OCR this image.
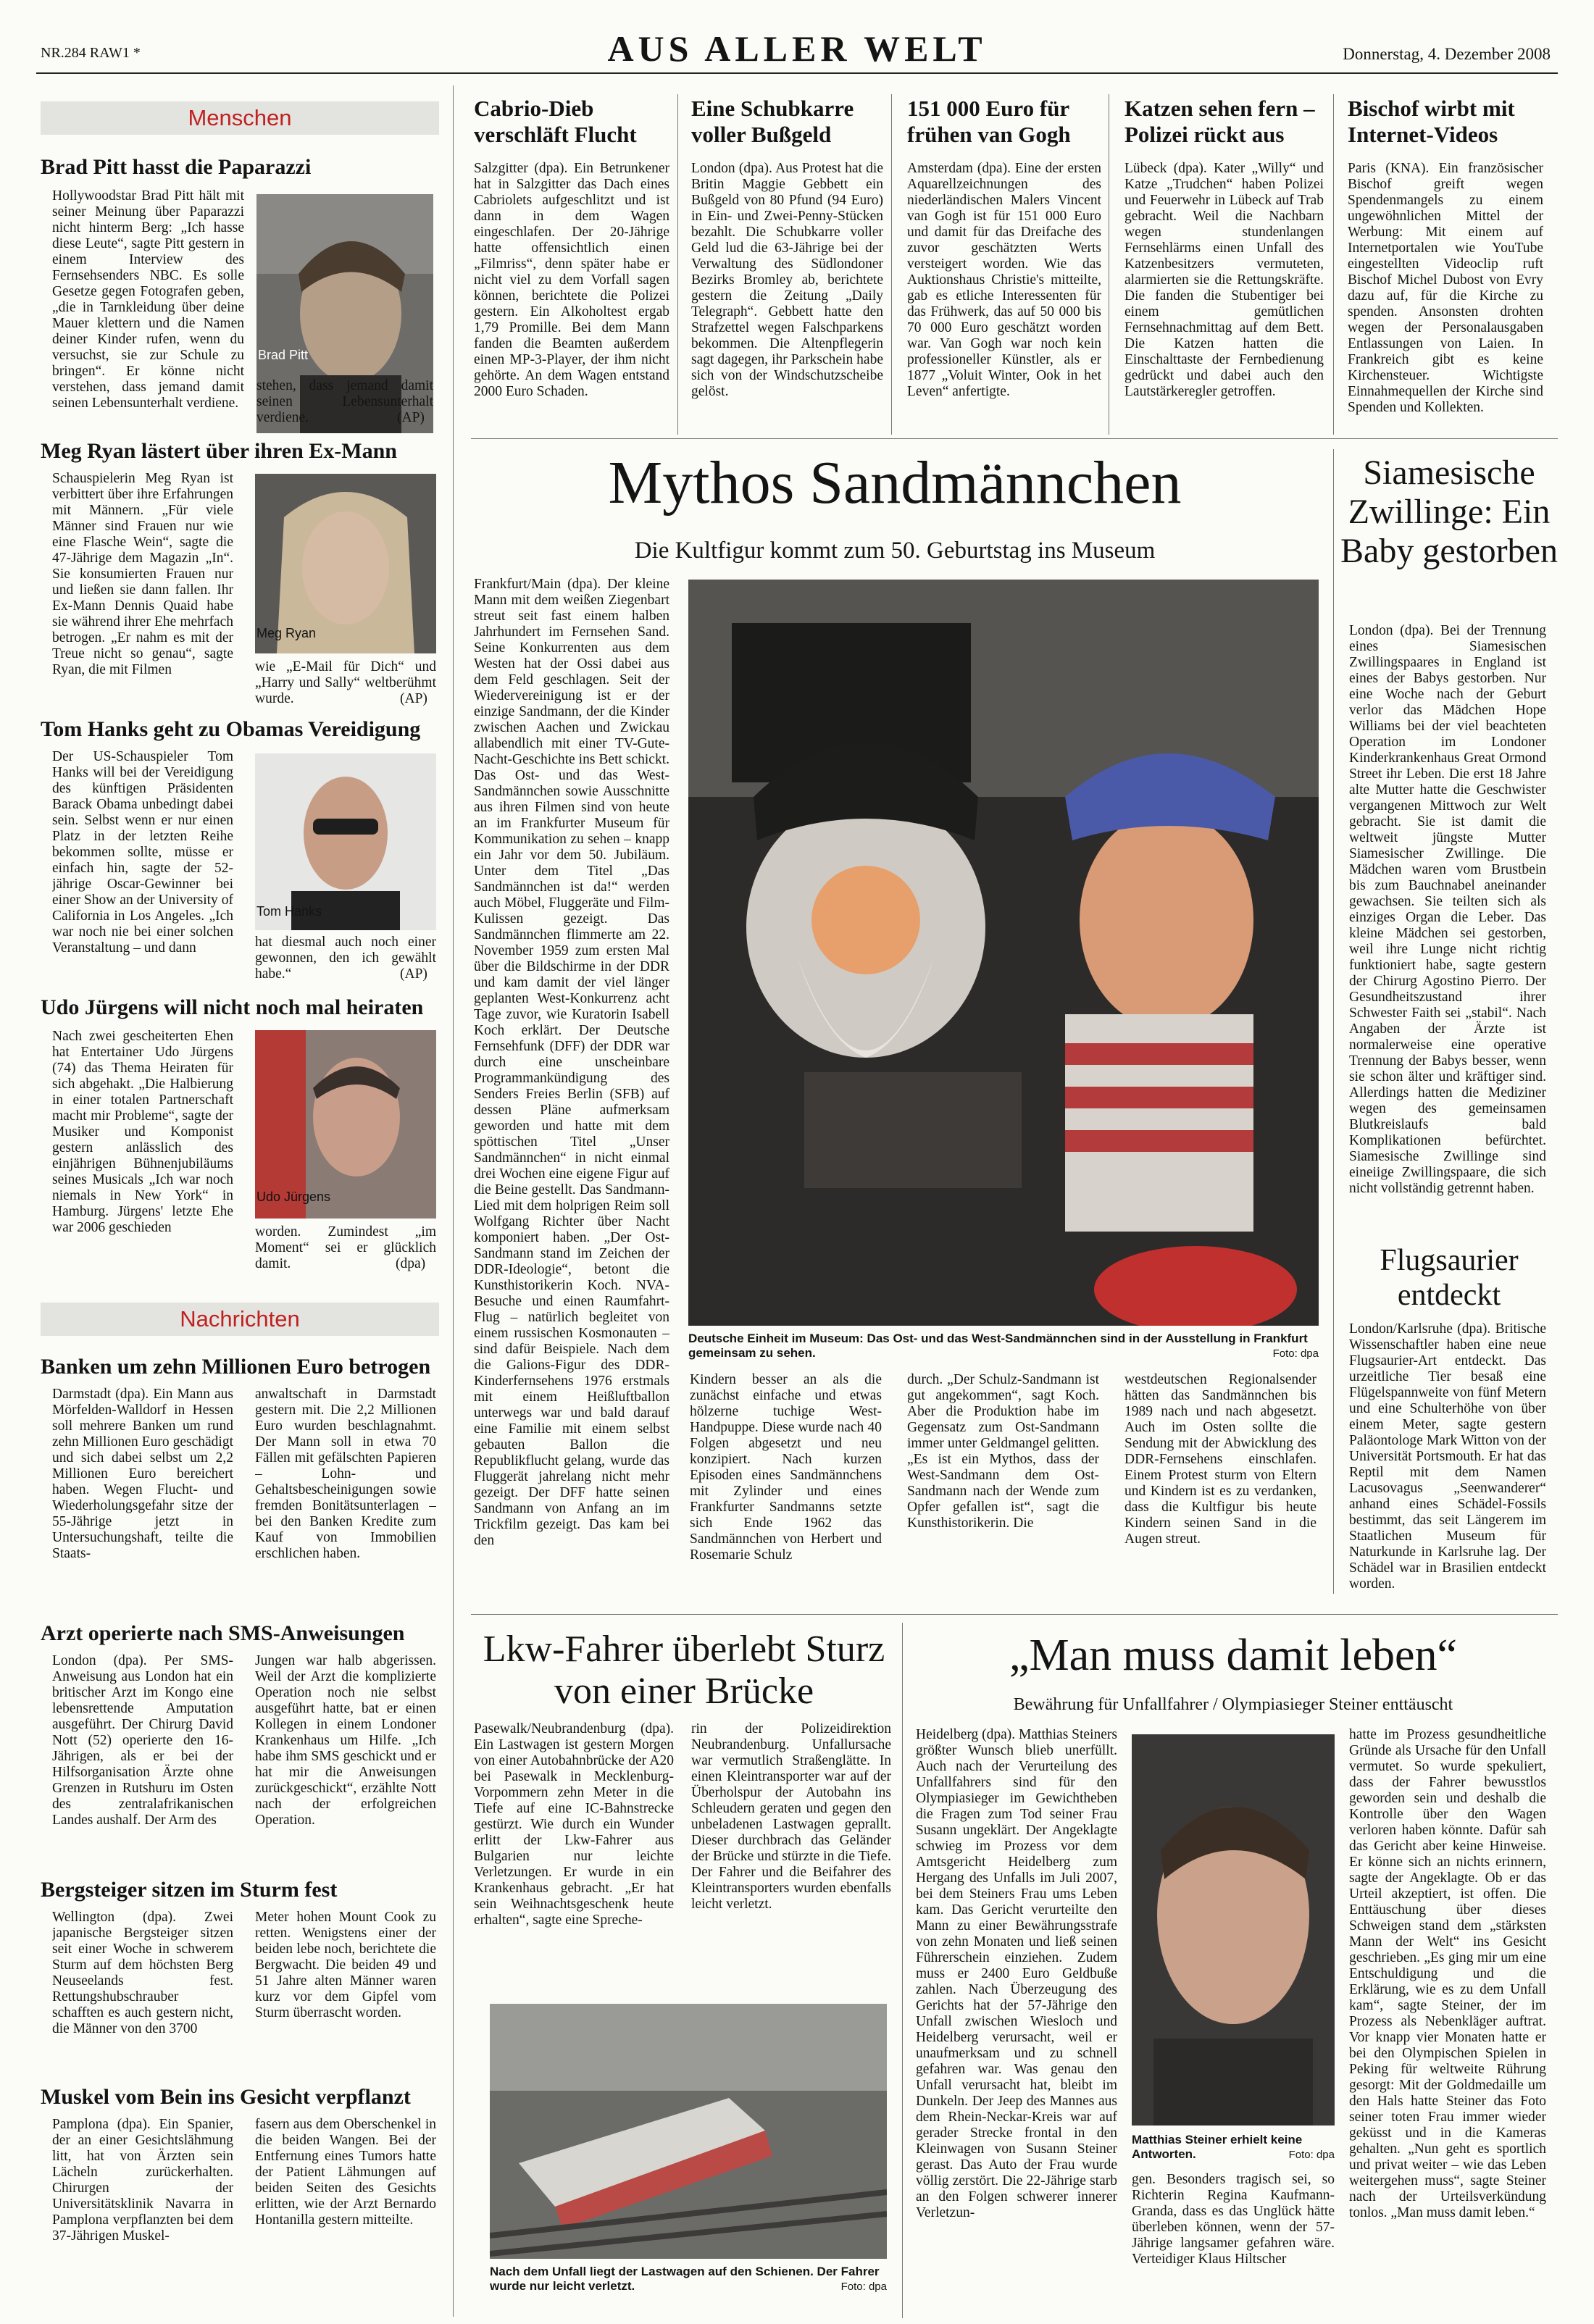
NR.284 RAW1 *	AUS ALLER WELT	Donnerstag, 4. Dezember 2008
Menschen
Brad Pitt hasst die Paparazzi
Hollywoodstar Brad Pitt hält mit seiner Meinung über Paparazzi nicht hinterm Berg: „Ich hasse diese Leute“, sagte Pitt gestern in einem Interview des Fernsehsenders NBC. Es solle Gesetze gegen Fotografen geben, „die in Tarnkleidung über deine Mauer klettern und die Namen deiner Kinder rufen, wenn du versuchst, sie zur Schule zu bringen“. Er könne nicht verstehen, dass jemand damit seinen Lebensunterhalt verdiene.
Brad Pitt
stehen, dass jemand damit seinen Lebensunterhalt verdiene.	(AP)
Meg Ryan lästert über ihren Ex-Mann
Schauspielerin Meg Ryan ist verbittert über ihre Erfahrungen mit Männern. „Für viele Männer sind Frauen nur wie eine Flasche Wein“, sagte die 47-Jährige dem Magazin „In“. Sie konsumierten Frauen nur und ließen sie dann fallen. Ihr Ex-Mann Dennis Quaid habe sie während ihrer Ehe mehrfach betrogen. „Er nahm es mit der Treue nicht so genau“, sagte Ryan, die mit Filmen
Meg Ryan
wie „E-Mail für Dich“ und „Harry und Sally“ weltberühmt wurde.	(AP)
Tom Hanks geht zu Obamas Vereidigung
Der US-Schauspieler Tom Hanks will bei der Vereidigung des künftigen Präsidenten Barack Obama unbedingt dabei sein. Selbst wenn er nur einen Platz in der letzten Reihe bekommen sollte, müsse er einfach hin, sagte der 52-jährige Oscar-Gewinner bei einer Show an der University of California in Los Angeles. „Ich war noch nie bei einer solchen Veranstaltung – und dann
Tom Hanks
hat diesmal auch noch einer gewonnen, den ich gewählt habe.“	(AP)
Udo Jürgens will nicht noch mal heiraten
Nach zwei gescheiterten Ehen hat Entertainer Udo Jürgens (74) das Thema Heiraten für sich abgehakt. „Die Halbierung in einer totalen Partnerschaft macht mir Probleme“, sagte der Musiker und Komponist gestern anlässlich des einjährigen Bühnenjubiläums seines Musicals „Ich war noch niemals in New York“ in Hamburg. Jürgens' letzte Ehe war 2006 geschieden
Udo Jürgens
worden. Zumindest „im Moment“ sei er glücklich damit.	(dpa)
Nachrichten
Banken um zehn Millionen Euro betrogen
Darmstadt (dpa). Ein Mann aus Mörfelden-Walldorf in Hessen soll mehrere Banken um rund zehn Millionen Euro geschädigt und sich dabei selbst um 2,2 Millionen Euro bereichert haben. Wegen Flucht- und Wiederholungsgefahr sitze der 55-Jährige jetzt in Untersuchungshaft, teilte die Staats-
anwaltschaft in Darmstadt gestern mit. Die 2,2 Millionen Euro wurden beschlagnahmt. Der Mann soll in etwa 70 Fällen mit gefälschten Papieren – Lohn- und Gehaltsbescheinigungen sowie fremden Bonitätsunterlagen – bei den Banken Kredite zum Kauf von Immobilien erschlichen haben.
Arzt operierte nach SMS-Anweisungen
London (dpa). Per SMS-Anweisung aus London hat ein britischer Arzt im Kongo eine lebensrettende Amputation ausgeführt. Der Chirurg David Nott (52) operierte den 16-Jährigen, als er bei der Hilfsorganisation Ärzte ohne Grenzen in Rutshuru im Osten des zentralafrikanischen Landes aushalf. Der Arm des
Jungen war halb abgerissen. Weil der Arzt die komplizierte Operation noch nie selbst ausgeführt hatte, bat er einen Kollegen in einem Londoner Krankenhaus um Hilfe. „Ich habe ihm SMS geschickt und er hat mir die Anweisungen zurückgeschickt“, erzählte Nott nach der erfolgreichen Operation.
Bergsteiger sitzen im Sturm fest
Wellington (dpa). Zwei japanische Bergsteiger sitzen seit einer Woche in schwerem Sturm auf dem höchsten Berg Neuseelands fest. Rettungshubschrauber schafften es auch gestern nicht, die Männer von den 3700
Meter hohen Mount Cook zu retten. Wenigstens einer der beiden lebe noch, berichtete die Bergwacht. Die beiden 49 und 51 Jahre alten Männer waren kurz vor dem Gipfel vom Sturm überrascht worden.
Muskel vom Bein ins Gesicht verpflanzt
Pamplona (dpa). Ein Spanier, der an einer Gesichtslähmung litt, hat von Ärzten sein Lächeln zurückerhalten. Chirurgen der Universitätsklinik Navarra in Pamplona verpflanzten bei dem 37-Jährigen Muskel-
fasern aus dem Oberschenkel in die beiden Wangen. Bei der Entfernung eines Tumors hatte der Patient Lähmungen auf beiden Seiten des Gesichts erlitten, wie der Arzt Bernardo Hontanilla gestern mitteilte.
Cabrio-Dieb verschläft Flucht
Salzgitter (dpa). Ein Betrunkener hat in Salzgitter das Dach eines Cabriolets aufgeschlitzt und ist dann in dem Wagen eingeschlafen. Der 20-Jährige hatte offensichtlich einen „Filmriss“, denn später habe er nicht viel zu dem Vorfall sagen können, berichtete die Polizei gestern. Ein Alkoholtest ergab 1,79 Promille. Bei dem Mann fanden die Beamten außerdem einen MP-3-Player, der ihm nicht gehörte. An dem Wagen entstand 2000 Euro Schaden.
Eine Schubkarre voller Bußgeld
London (dpa). Aus Protest hat die Britin Maggie Gebbett ein Bußgeld von 80 Pfund (94 Euro) in Ein- und Zwei-Penny-Stücken bezahlt. Die Schubkarre voller Geld lud die 63-Jährige bei der Verwaltung des Südlondoner Bezirks Bromley ab, berichtete gestern die Zeitung „Daily Telegraph“. Gebbett hatte den Strafzettel wegen Falschparkens bekommen. Die Altenpflegerin sagt dagegen, ihr Parkschein habe sich von der Windschutzscheibe gelöst.
151 000 Euro für frühen van Gogh
Amsterdam (dpa). Eine der ersten Aquarellzeichnungen des niederländischen Malers Vincent van Gogh ist für 151 000 Euro und damit für das Dreifache des zuvor geschätzten Werts versteigert worden. Wie das Auktionshaus Christie's mitteilte, gab es etliche Interessenten für das Frühwerk, das auf 50 000 bis 70 000 Euro geschätzt worden war. Van Gogh war noch kein professioneller Künstler, als er 1877 „Voluit Winter, Ook in het Leven“ anfertigte.
Katzen sehen fern – Polizei rückt aus
Lübeck (dpa). Kater „Willy“ und Katze „Trudchen“ haben Polizei und Feuerwehr in Lübeck auf Trab gebracht. Weil die Nachbarn wegen stundenlangen Fernsehlärms einen Unfall des Katzenbesitzers vermuteten, alarmierten sie die Rettungskräfte. Die fanden die Stubentiger bei einem gemütlichen Fernsehnachmittag auf dem Bett. Die Katzen hatten die Einschalttaste der Fernbedienung gedrückt und dabei auch den Lautstärkeregler getroffen.
Bischof wirbt mit Internet-Videos
Paris (KNA). Ein französischer Bischof greift wegen Spendenmangels zu einem ungewöhnlichen Mittel der Werbung: Mit einem auf Internetportalen wie YouTube eingestellten Videoclip ruft Bischof Michel Dubost von Evry dazu auf, für die Kirche zu spenden. Ansonsten drohten wegen der Personalausgaben Entlassungen von Laien. In Frankreich gibt es keine Kirchensteuer. Wichtigste Einnahmequellen der Kirche sind Spenden und Kollekten.
Mythos Sandmännchen
Die Kultfigur kommt zum 50. Geburtstag ins Museum
Frankfurt/Main (dpa). Der kleine Mann mit dem weißen Ziegenbart streut seit fast einem halben Jahrhundert im Fernsehen Sand. Seine Konkurrenten aus dem Westen hat der Ossi dabei aus dem Feld geschlagen. Seit der Wiedervereinigung ist er der einzige Sandmann, der die Kinder zwischen Aachen und Zwickau allabendlich mit einer TV-Gute-Nacht-Geschichte ins Bett schickt. Das Ost- und das West-Sandmännchen sowie Ausschnitte aus ihren Filmen sind von heute an im Frankfurter Museum für Kommunikation zu sehen – knapp ein Jahr vor dem 50. Jubiläum. Unter dem Titel „Das Sandmännchen ist da!“ werden auch Möbel, Fluggeräte und Film-Kulissen gezeigt. Das Sandmännchen flimmerte am 22. November 1959 zum ersten Mal über die Bildschirme in der DDR und kam damit der viel länger geplanten West-Konkurrenz acht Tage zuvor, wie Kuratorin Isabell Koch erklärt. Der Deutsche Fernsehfunk (DFF) der DDR war durch eine unscheinbare Programmankündigung des Senders Freies Berlin (SFB) auf dessen Pläne aufmerksam geworden und hatte mit dem spöttischen Titel „Unser Sandmännchen“ in nicht einmal drei Wochen eine eigene Figur auf die Beine gestellt. Das Sandmann-Lied mit dem holprigen Reim soll Wolfgang Richter über Nacht komponiert haben. „Der Ost-Sandmann stand im Zeichen der DDR-Ideologie“, betont die Kunsthistorikerin Koch. NVA-Besuche und einen Raumfahrt-Flug – natürlich begleitet von einem russischen Kosmonauten – sind dafür Beispiele. Nach dem die Galions-Figur des DDR-Kinderfernsehens 1976 erstmals mit einem Heißluftballon unterwegs war und bald darauf eine Familie mit einem selbst gebauten Ballon die Republikflucht gelang, wurde das Fluggerät jahrelang nicht mehr gezeigt. Der DFF hatte seinen Sandmann von Anfang an im Trickfilm gezeigt. Das kam bei den
Deutsche Einheit im Museum: Das Ost- und das West-Sandmännchen sind in der Ausstellung in Frankfurt gemeinsam zu sehen.	Foto: dpa
Kindern besser an als die zunächst einfache und etwas hölzerne tuchige West-Handpuppe. Diese wurde nach 40 Folgen abgesetzt und neu konzipiert. Nach kurzen Episoden eines Sandmännchens mit Zylinder und eines Frankfurter Sandmanns setzte sich Ende 1962 das Sandmännchen von Herbert und Rosemarie Schulz
durch. „Der Schulz-Sandmann ist gut angekommen“, sagt Koch. Aber die Produktion habe im Gegensatz zum Ost-Sandmann immer unter Geldmangel gelitten. „Es ist ein Mythos, dass der West-Sandmann dem Ost-Sandmann nach der Wende zum Opfer gefallen ist“, sagt die Kunsthistorikerin. Die
westdeutschen Regionalsender hätten das Sandmännchen bis 1989 nach und nach abgesetzt. Auch im Osten sollte die Sendung mit der Abwicklung des DDR-Fernsehens einschlafen. Einem Protest sturm von Eltern und Kindern ist es zu verdanken, dass die Kultfigur bis heute Kindern seinen Sand in die Augen streut.
Siamesische Zwillinge: Ein Baby gestorben
London (dpa). Bei der Trennung eines Siamesischen Zwillingspaares in England ist eines der Babys gestorben. Nur eine Woche nach der Geburt verlor das Mädchen Hope Williams bei der viel beachteten Operation im Londoner Kinderkrankenhaus Great Ormond Street ihr Leben. Die erst 18 Jahre alte Mutter hatte die Geschwister vergangenen Mittwoch zur Welt gebracht. Sie ist damit die weltweit jüngste Mutter Siamesischer Zwillinge. Die Mädchen waren vom Brustbein bis zum Bauchnabel aneinander gewachsen. Sie teilten sich als einziges Organ die Leber. Das kleine Mädchen sei gestorben, weil ihre Lunge nicht richtig funktioniert habe, sagte gestern der Chirurg Agostino Pierro. Der Gesundheitszustand ihrer Schwester Faith sei „stabil“. Nach Angaben der Ärzte ist normalerweise eine operative Trennung der Babys besser, wenn sie schon älter und kräftiger sind. Allerdings hatten die Mediziner wegen des gemeinsamen Blutkreislaufs bald Komplikationen befürchtet. Siamesische Zwillinge sind eineiige Zwillingspaare, die sich nicht vollständig getrennt haben.
Flugsaurier entdeckt
London/Karlsruhe (dpa). Britische Wissenschaftler haben eine neue Flugsaurier-Art entdeckt. Das urzeitliche Tier besaß eine Flügelspannweite von fünf Metern und eine Schulterhöhe von über einem Meter, sagte gestern Paläontologe Mark Witton von der Universität Portsmouth. Er hat das Reptil mit dem Namen Lacusovagus „Seenwanderer“ anhand eines Schädel-Fossils bestimmt, das seit Längerem im Staatlichen Museum für Naturkunde in Karlsruhe lag. Der Schädel war in Brasilien entdeckt worden.
Lkw-Fahrer überlebt Sturz von einer Brücke
Pasewalk/Neubrandenburg (dpa). Ein Lastwagen ist gestern Morgen von einer Autobahnbrücke der A20 bei Pasewalk in Mecklenburg-Vorpommern zehn Meter in die Tiefe auf eine IC-Bahnstrecke gestürzt. Wie durch ein Wunder erlitt der Lkw-Fahrer aus Bulgarien nur leichte Verletzungen. Er wurde in ein Krankenhaus gebracht. „Er hat sein Weihnachtsgeschenk heute erhalten“, sagte eine Spreche-
rin der Polizeidirektion Neubrandenburg. Unfallursache war vermutlich Straßenglätte. In einen Kleintransporter war auf der Überholspur der Autobahn ins Schleudern geraten und gegen den unbeladenen Lastwagen geprallt. Dieser durchbrach das Geländer der Brücke und stürzte in die Tiefe. Der Fahrer und die Beifahrer des Kleintransporters wurden ebenfalls leicht verletzt.
Nach dem Unfall liegt der Lastwagen auf den Schienen. Der Fahrer wurde nur leicht verletzt.	Foto: dpa
„Man muss damit leben“
Bewährung für Unfallfahrer / Olympiasieger Steiner enttäuscht
Heidelberg (dpa). Matthias Steiners größter Wunsch blieb unerfüllt. Auch nach der Verurteilung des Unfallfahrers sind für den Olympiasieger im Gewichtheben die Fragen zum Tod seiner Frau Susann ungeklärt. Der Angeklagte schwieg im Prozess vor dem Amtsgericht Heidelberg zum Hergang des Unfalls im Juli 2007, bei dem Steiners Frau ums Leben kam. Das Gericht verurteilte den Mann zu einer Bewährungsstrafe von zehn Monaten und ließ seinen Führerschein einziehen. Zudem muss er 2400 Euro Geldbuße zahlen. Nach Überzeugung des Gerichts hat der 57-Jährige den Unfall zwischen Wiesloch und Heidelberg verursacht, weil er unaufmerksam und zu schnell gefahren war. Was genau den Unfall verursacht hat, bleibt im Dunkeln. Der Jeep des Mannes aus dem Rhein-Neckar-Kreis war auf gerader Strecke frontal in den Kleinwagen von Susann Steiner gerast. Das Auto der Frau wurde völlig zerstört. Die 22-Jährige starb an den Folgen schwerer innerer Verletzun-
Matthias Steiner erhielt keine Antworten.	Foto: dpa
gen. Besonders tragisch sei, so Richterin Regina Kaufmann-Granda, dass es das Unglück hätte überleben können, wenn der 57-Jährige langsamer gefahren wäre. Verteidiger Klaus Hiltscher
hatte im Prozess gesundheitliche Gründe als Ursache für den Unfall vermutet. So wurde spekuliert, dass der Fahrer bewusstlos geworden sein und deshalb die Kontrolle über den Wagen verloren haben könnte. Dafür sah das Gericht aber keine Hinweise. Er könne sich an nichts erinnern, sagte der Angeklagte. Ob er das Urteil akzeptiert, ist offen. Die Enttäuschung über dieses Schweigen stand dem „stärksten Mann der Welt“ ins Gesicht geschrieben. „Es ging mir um eine Entschuldigung und die Erklärung, wie es zu dem Unfall kam“, sagte Steiner, der im Prozess als Nebenkläger auftrat. Vor knapp vier Monaten hatte er bei den Olympischen Spielen in Peking für weltweite Rührung gesorgt: Mit der Goldmedaille um den Hals hatte Steiner das Foto seiner toten Frau immer wieder geküsst und in die Kameras gehalten. „Nun geht es sportlich und privat weiter – wie das Leben weitergehen muss“, sagte Steiner nach der Urteilsverkündung tonlos. „Man muss damit leben.“
